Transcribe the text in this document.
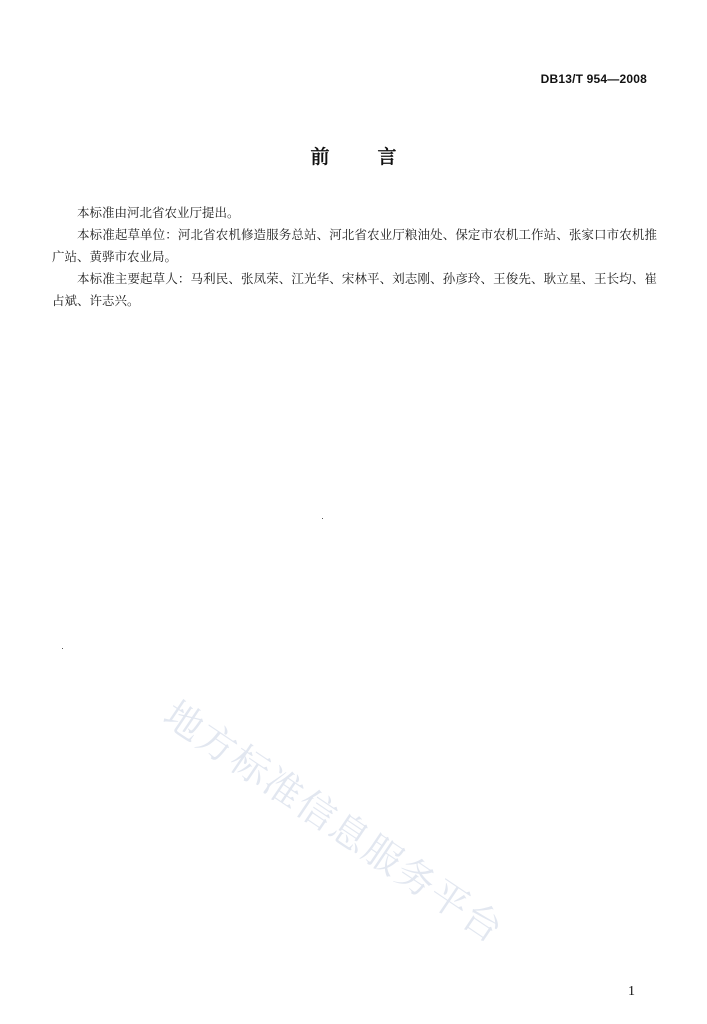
DB13/T 954—2008
前	言

本标准由河北省农业厅提出。

本标准起草单位：河北省农机修造服务总站、河北省农业厅粮油处、保定市农机工作站、张家口市农机推广站、黄骅市农业局。

本标准主要起草人：马利民、张凤荣、江光华、宋林平、刘志刚、孙彦玲、王俊先、耿立星、王长均、崔占斌、许志兴。

地方标准信息服务平台
1
